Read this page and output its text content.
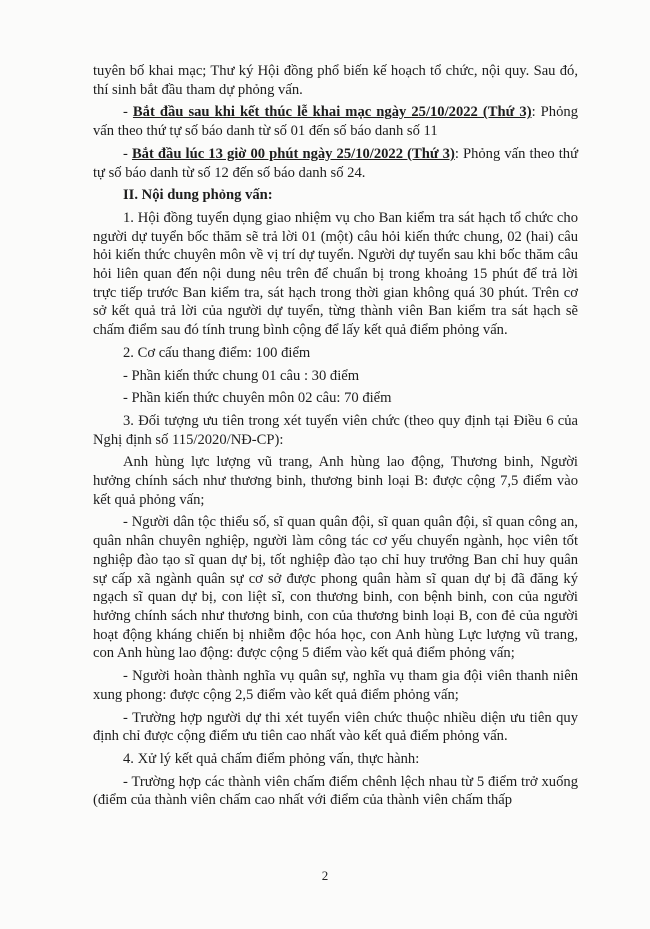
tuyên bố khai mạc; Thư ký Hội đồng phổ biến kế hoạch tổ chức, nội quy. Sau đó, thí sinh bắt đầu tham dự phỏng vấn.

- Bắt đầu sau khi kết thúc lễ khai mạc ngày 25/10/2022 (Thứ 3): Phỏng vấn theo thứ tự số báo danh từ số 01 đến số báo danh số 11

- Bắt đầu lúc 13 giờ 00 phút ngày 25/10/2022 (Thứ 3): Phỏng vấn theo thứ tự số báo danh từ số 12 đến số báo danh số 24.

II. Nội dung phỏng vấn:

1. Hội đồng tuyển dụng giao nhiệm vụ cho Ban kiểm tra sát hạch tổ chức cho người dự tuyển bốc thăm sẽ trả lời 01 (một) câu hỏi kiến thức chung, 02 (hai) câu hỏi kiến thức chuyên môn về vị trí dự tuyển. Người dự tuyển sau khi bốc thăm câu hỏi liên quan đến nội dung nêu trên để chuẩn bị trong khoảng 15 phút để trả lời trực tiếp trước Ban kiểm tra, sát hạch trong thời gian không quá 30 phút. Trên cơ sở kết quả trả lời của người dự tuyển, từng thành viên Ban kiểm tra sát hạch sẽ chấm điểm sau đó tính trung bình cộng để lấy kết quả điểm phỏng vấn.

2. Cơ cấu thang điểm: 100 điểm

- Phần kiến thức chung 01 câu : 30 điểm

- Phần kiến thức chuyên môn 02 câu: 70 điểm

3. Đối tượng ưu tiên trong xét tuyển viên chức (theo quy định tại Điều 6 của Nghị định số 115/2020/NĐ-CP):

Anh hùng lực lượng vũ trang, Anh hùng lao động, Thương binh, Người hưởng chính sách như thương binh, thương binh loại B: được cộng 7,5 điểm vào kết quả phỏng vấn;

- Người dân tộc thiểu số, sĩ quan quân đội, sĩ quan quân đội, sĩ quan công an, quân nhân chuyên nghiệp, người làm công tác cơ yếu chuyển ngành, học viên tốt nghiệp đào tạo sĩ quan dự bị, tốt nghiệp đào tạo chỉ huy trưởng Ban chỉ huy quân sự cấp xã ngành quân sự cơ sở được phong quân hàm sĩ quan dự bị đã đăng ký ngạch sĩ quan dự bị, con liệt sĩ, con thương binh, con bệnh binh, con của người hưởng chính sách như thương binh, con của thương binh loại B, con đẻ của người hoạt động kháng chiến bị nhiễm độc hóa học, con Anh hùng Lực lượng vũ trang, con Anh hùng lao động: được cộng 5 điểm vào kết quả điểm phỏng vấn;

- Người hoàn thành nghĩa vụ quân sự, nghĩa vụ tham gia đội viên thanh niên xung phong: được cộng 2,5 điểm vào kết quả điểm phỏng vấn;

- Trường hợp người dự thi xét tuyển viên chức thuộc nhiều diện ưu tiên quy định chỉ được cộng điểm ưu tiên cao nhất vào kết quả điểm phỏng vấn.

4. Xử lý kết quả chấm điểm phỏng vấn, thực hành:

- Trường hợp các thành viên chấm điểm chênh lệch nhau từ 5 điểm trở xuống (điểm của thành viên chấm cao nhất với điểm của thành viên chấm thấp

2
